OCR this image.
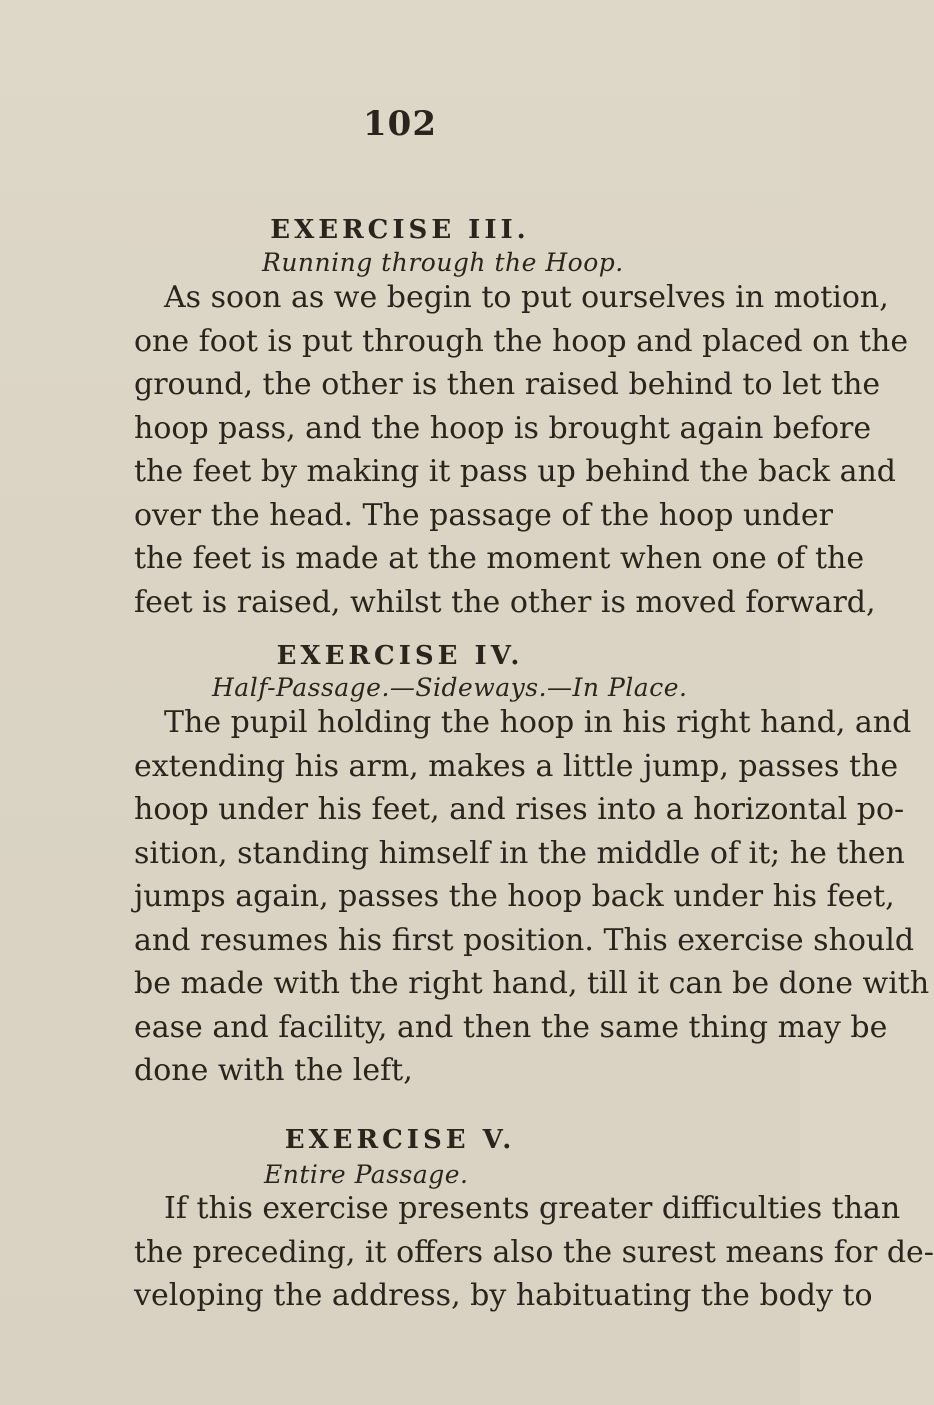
102
EXERCISE III.
Running through the Hoop.
As soon as we begin to put ourselves in motion,
one foot is put through the hoop and placed on the
ground, the other is then raised behind to let the
hoop pass, and the hoop is brought again before
the feet by making it pass up behind the back and
over the head. The passage of the hoop under
the feet is made at the moment when one of the
feet is raised, whilst the other is moved forward,
EXERCISE IV.
Half-Passage.—Sideways.—In Place.
The pupil holding the hoop in his right hand, and
extending his arm, makes a little jump, passes the
hoop under his feet, and rises into a horizontal po-
sition, standing himself in the middle of it; he then
jumps again, passes the hoop back under his feet,
and resumes his first position. This exercise should
be made with the right hand, till it can be done with
ease and facility, and then the same thing may be
done with the left,
EXERCISE V.
Entire Passage.
If this exercise presents greater difficulties than
the preceding, it offers also the surest means for de-
veloping the address, by habituating the body to
